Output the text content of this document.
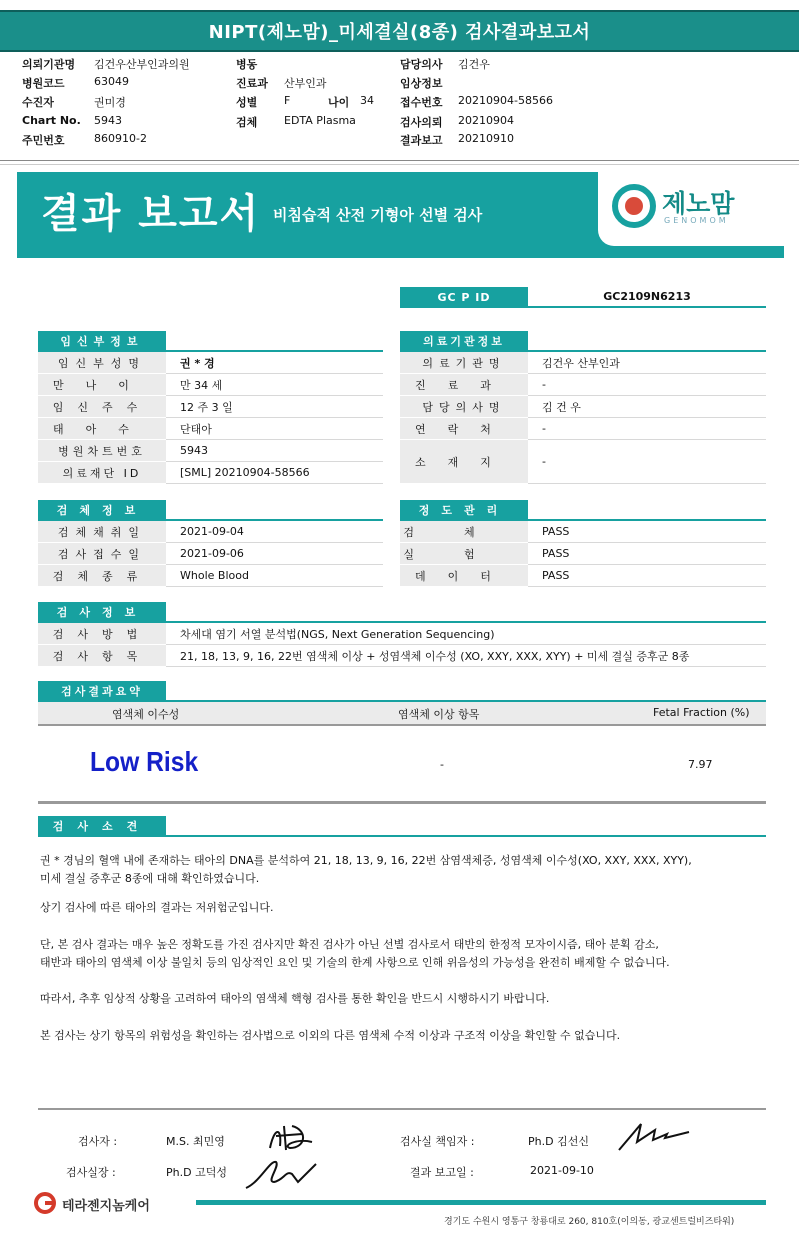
NIPT(제노맘)_미세결실(8종) 검사결과보고서
의뢰기관명 김건우산부인과의원
병원코드	63049
수진자	권미경
Chart No. 5943
주민번호	860910-2
병동
진료과 산부인과
성별 F	나이 34
검체 EDTA Plasma
담당의사 김건우
임상정보
접수번호 20210904-58566
검사의뢰 20210904
결과보고 20210910
결과 보고서 비침습적 산전 기형아 선별 검사	제노맘
GENOMOM
GC P ID	GC2109N6213
임신부정보
임신부성명	권 * 경
만나이	만 34 세
임신주수	12 주 3 일
태아수	단태아
병원차트번호	5943
의료재단 ID	[SML] 20210904-58566
의료기관정보
의료기관명	김건우 산부인과
진료과	-
담당의사명	김 건 우
연락처	-
소재지	-
검체정보
검체채취일	2021-09-04
검사접수일	2021-09-06
검체종류	Whole Blood
정도관리
검체	PASS
실험	PASS
데이터	PASS
검사정보
검사방법	차세대 염기 서열 분석법(NGS, Next Generation Sequencing)
검사항목	21, 18, 13, 9, 16, 22번 염색체 이상 + 성염색체 이수성 (XO, XXY, XXX, XYY) + 미세 결실 증후군 8종
검사결과요약
염색체 이수성	염색체 이상 항목	Fetal Fraction (%)
Low Risk	-	7.97
검사소견
권 * 경님의 혈액 내에 존재하는 태아의 DNA를 분석하여 21, 18, 13, 9, 16, 22번 삼염색체증, 성염색체 이수성(XO, XXY, XXX, XYY),
미세 결실 증후군 8종에 대해 확인하였습니다.
상기 검사에 따른 태아의 결과는 저위험군입니다.
단, 본 검사 결과는 매우 높은 정확도를 가진 검사지만 확진 검사가 아닌 선별 검사로서 태반의 한정적 모자이시즘, 태아 분획 감소,
태반과 태아의 염색체 이상 불일치 등의 임상적인 요인 및 기술의 한계 사항으로 인해 위음성의 가능성을 완전히 배제할 수 없습니다.
따라서, 추후 임상적 상황을 고려하여 태아의 염색체 핵형 검사를 통한 확인을 반드시 시행하시기 바랍니다.
본 검사는 상기 항목의 위험성을 확인하는 검사법으로 이외의 다른 염색체 수적 이상과 구조적 이상을 확인할 수 없습니다.
검사자 :	M.S. 최민영	검사실 책임자 :	Ph.D 김선신
검사실장 :	Ph.D 고덕성	결과 보고일 :	2021-09-10
테라젠지놈케어
경기도 수원시 영통구 창룡대로 260, 810호(이의동, 광교센트럴비즈타워)
